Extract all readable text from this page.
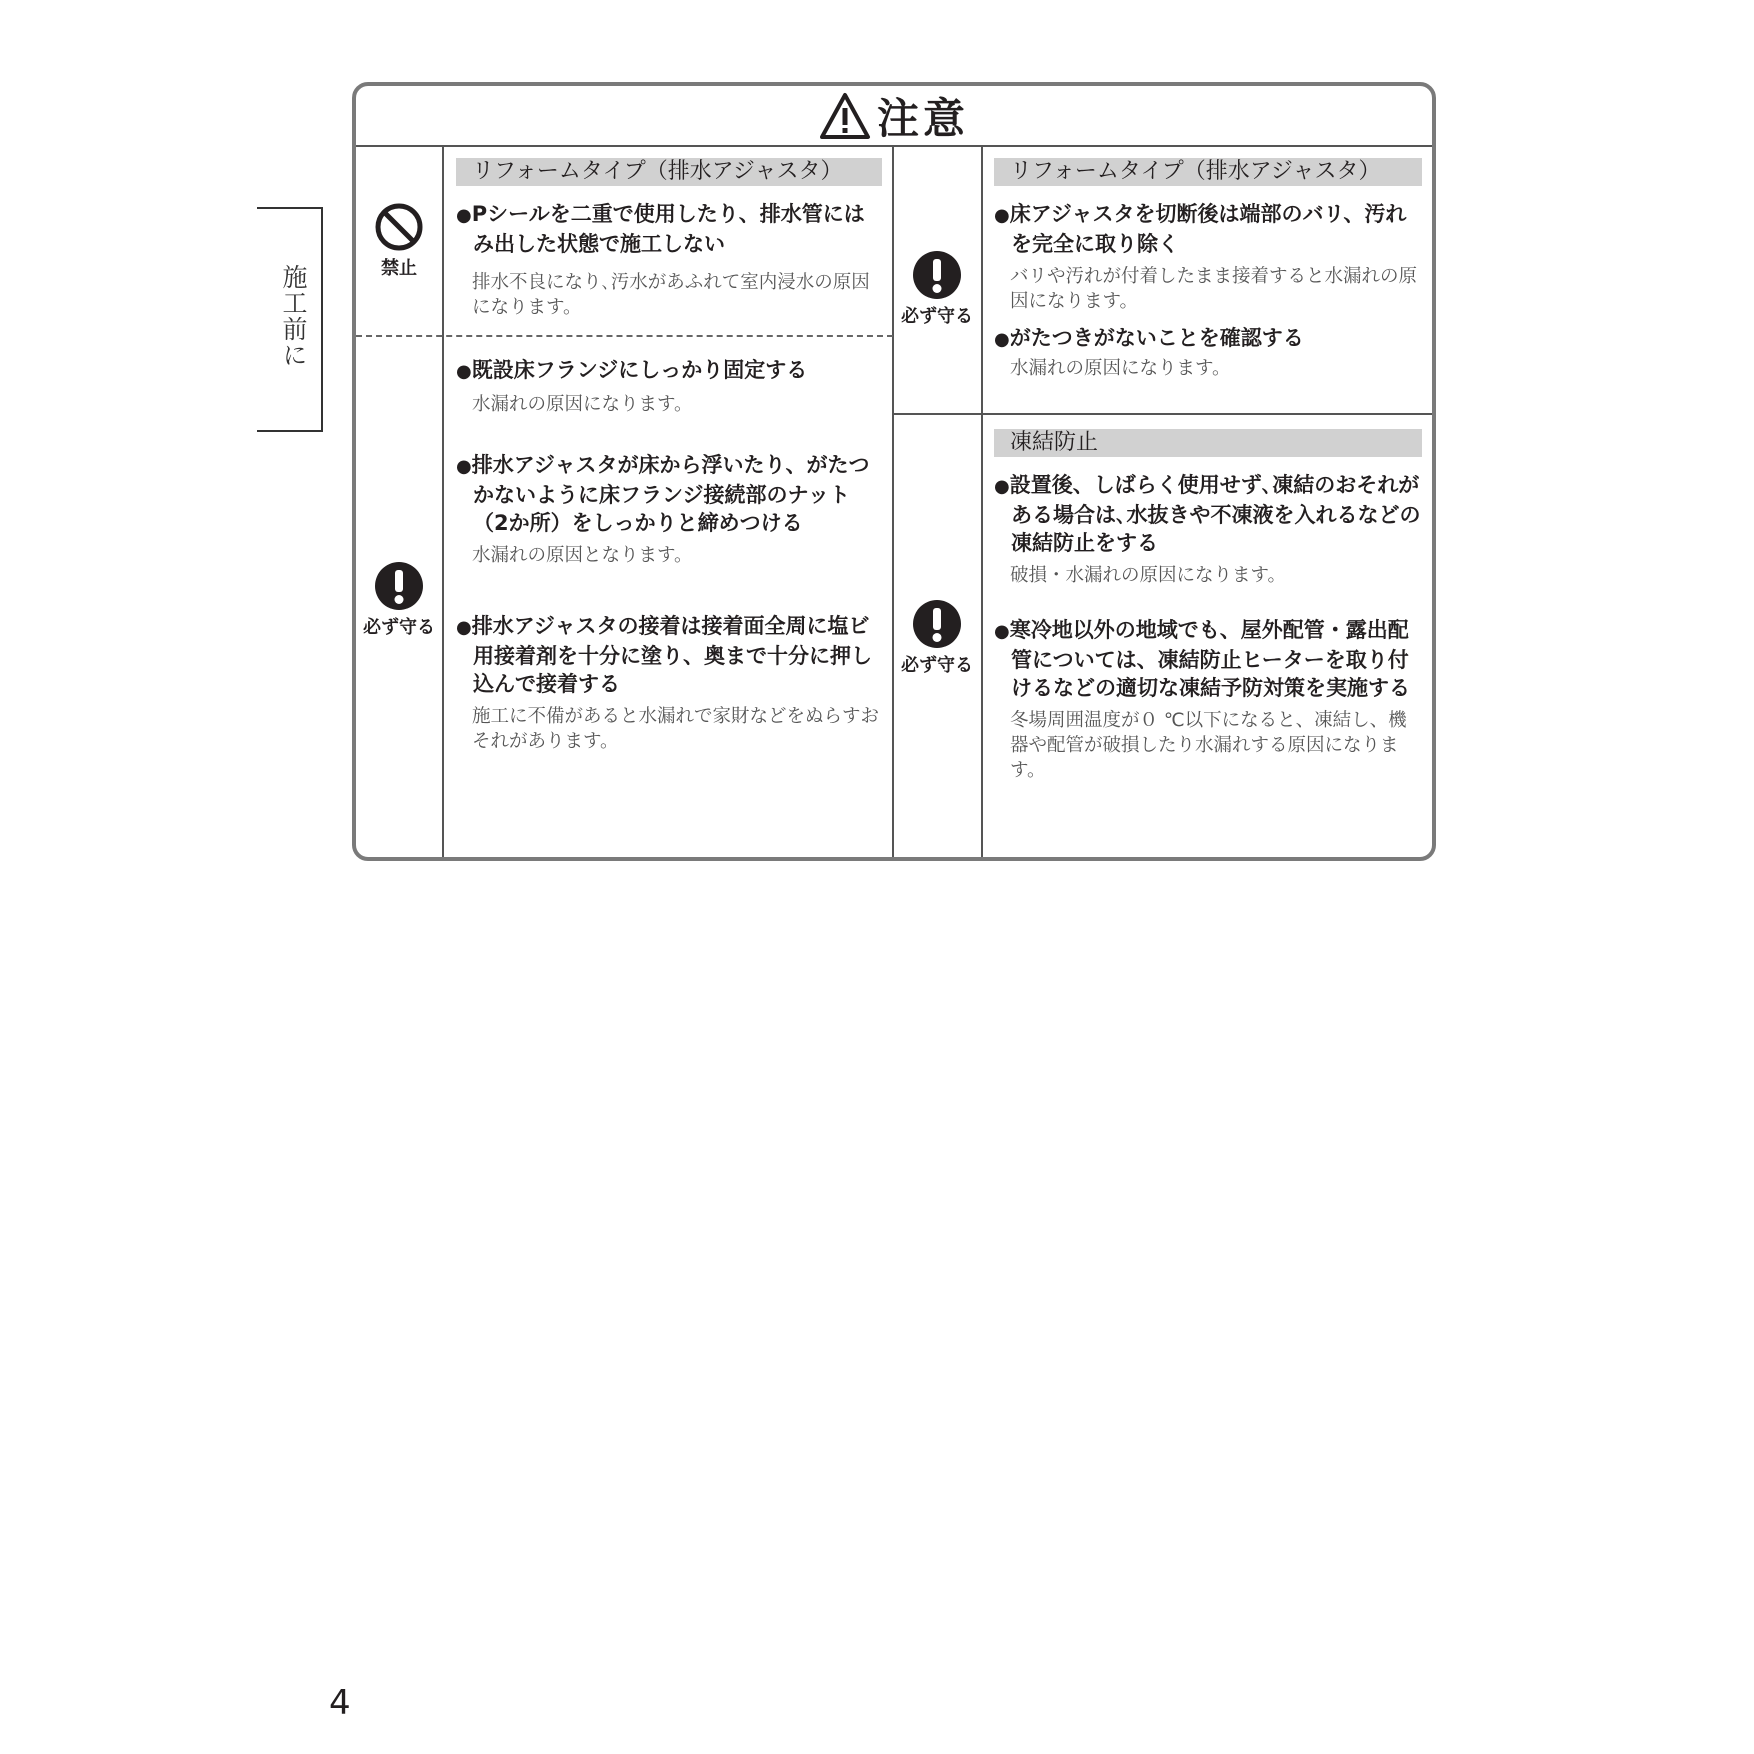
施工前に
注意
禁止
必ず守る
必ず守る
必ず守る
リフォームタイプ（排水アジャスタ）
●Pシールを二重で使用したり、排水管にはみ出した状態で施工しない
排水不良になり､汚水があふれて室内浸水の原因になります。
●既設床フランジにしっかり固定する
水漏れの原因になります。
●排水アジャスタが床から浮いたり、がたつかないように床フランジ接続部のナット（2か所）をしっかりと締めつける
水漏れの原因となります。
●排水アジャスタの接着は接着面全周に塩ビ用接着剤を十分に塗り、奥まで十分に押し込んで接着する
施工に不備があると水漏れで家財などをぬらすおそれがあります。
リフォームタイプ（排水アジャスタ）
●床アジャスタを切断後は端部のバリ、汚れを完全に取り除く
バリや汚れが付着したまま接着すると水漏れの原因になります。
●がたつきがないことを確認する
水漏れの原因になります。
凍結防止
●設置後、しばらく使用せず､凍結のおそれがある場合は､水抜きや不凍液を入れるなどの凍結防止をする
破損・水漏れの原因になります。
●寒冷地以外の地域でも、屋外配管・露出配管については、凍結防止ヒーターを取り付けるなどの適切な凍結予防対策を実施する
冬場周囲温度が０ ℃以下になると、凍結し、機器や配管が破損したり水漏れする原因になります。
4
